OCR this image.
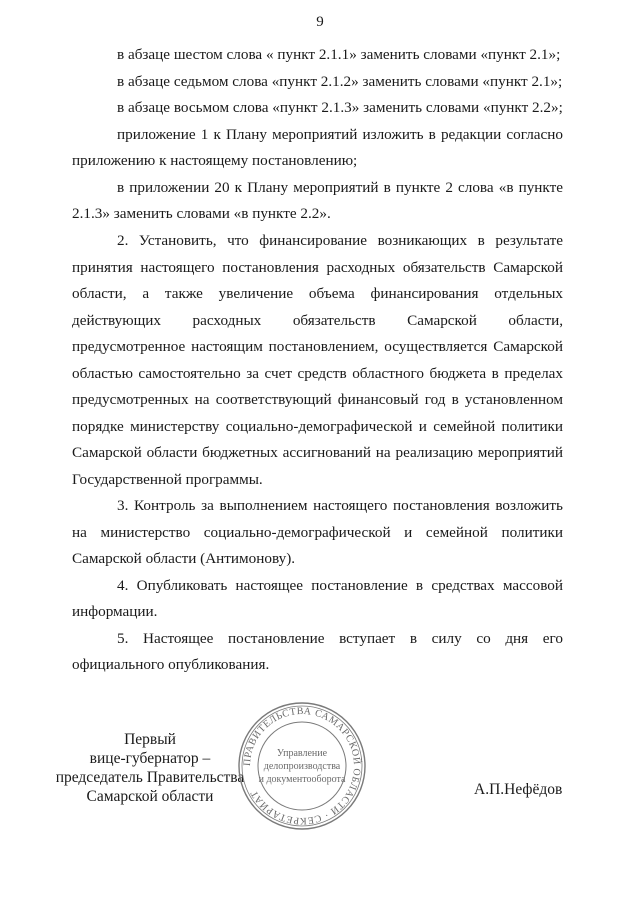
9
в абзаце шестом слова « пункт 2.1.1» заменить словами «пункт 2.1»;
в абзаце седьмом слова «пункт 2.1.2» заменить словами «пункт 2.1»;
в абзаце восьмом слова «пункт 2.1.3» заменить словами «пункт 2.2»;
приложение 1 к Плану мероприятий изложить в редакции согласно
приложению к настоящему постановлению;
в приложении 20 к Плану мероприятий в пункте 2 слова «в пункте
2.1.3» заменить словами «в пункте 2.2».
2. Установить, что финансирование возникающих в результате
принятия настоящего постановления расходных обязательств Самарской
области, а также увеличение объема финансирования отдельных
действующих расходных обязательств Самарской области,
предусмотренное настоящим постановлением, осуществляется Самарской
областью самостоятельно за счет средств областного бюджета в пределах
предусмотренных на соответствующий финансовый год в установленном
порядке министерству социально-демографической и семейной политики
Самарской области бюджетных ассигнований на реализацию мероприятий
Государственной программы.
3. Контроль за выполнением настоящего постановления возложить
на министерство социально-демографической и семейной политики
Самарской области (Антимонову).
4. Опубликовать настоящее постановление в средствах массовой
информации.
5. Настоящее постановление вступает в силу со дня его
официального опубликования.
Первый
вице-губернатор –
председатель Правительства
Самарской области
ПРАВИТЕЛЬСТВА САМАРСКОЙ ОБЛАСТИ · СЕКРЕТАРИАТ
Управление
делопроизводства
и документооборота
А.П.Нефёдов
